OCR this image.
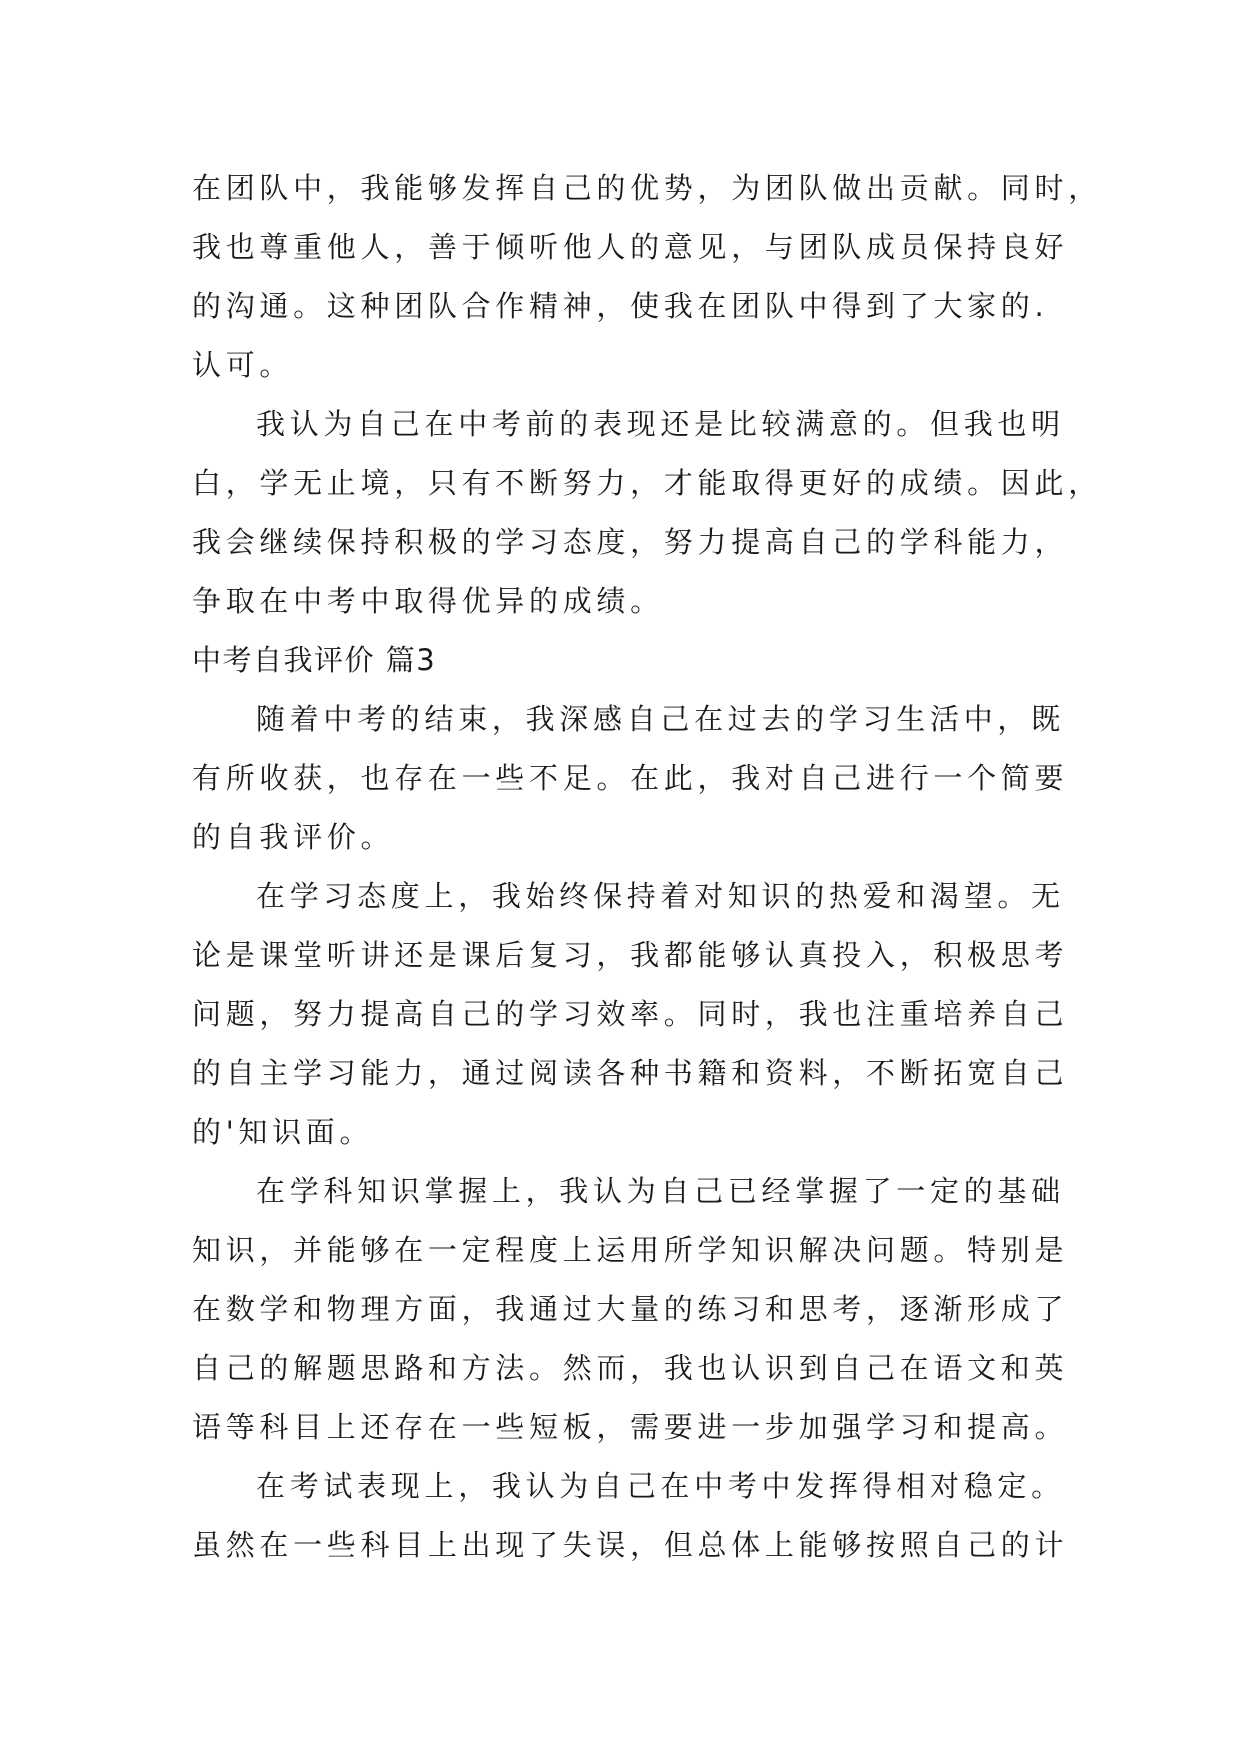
在团队中，我能够发挥自己的优势，为团队做出贡献。同时，
我也尊重他人，善于倾听他人的意见，与团队成员保持良好
的沟通。这种团队合作精神，使我在团队中得到了大家的.
认可。
我认为自己在中考前的表现还是比较满意的。但我也明
白，学无止境，只有不断努力，才能取得更好的成绩。因此，
我会继续保持积极的学习态度，努力提高自己的学科能力，
争取在中考中取得优异的成绩。
中考自我评价 篇3
随着中考的结束，我深感自己在过去的学习生活中，既
有所收获，也存在一些不足。在此，我对自己进行一个简要
的自我评价。
在学习态度上，我始终保持着对知识的热爱和渴望。无
论是课堂听讲还是课后复习，我都能够认真投入，积极思考
问题，努力提高自己的学习效率。同时，我也注重培养自己
的自主学习能力，通过阅读各种书籍和资料，不断拓宽自己
的'知识面。
在学科知识掌握上，我认为自己已经掌握了一定的基础
知识，并能够在一定程度上运用所学知识解决问题。特别是
在数学和物理方面，我通过大量的练习和思考，逐渐形成了
自己的解题思路和方法。然而，我也认识到自己在语文和英
语等科目上还存在一些短板，需要进一步加强学习和提高。
在考试表现上，我认为自己在中考中发挥得相对稳定。
虽然在一些科目上出现了失误，但总体上能够按照自己的计
